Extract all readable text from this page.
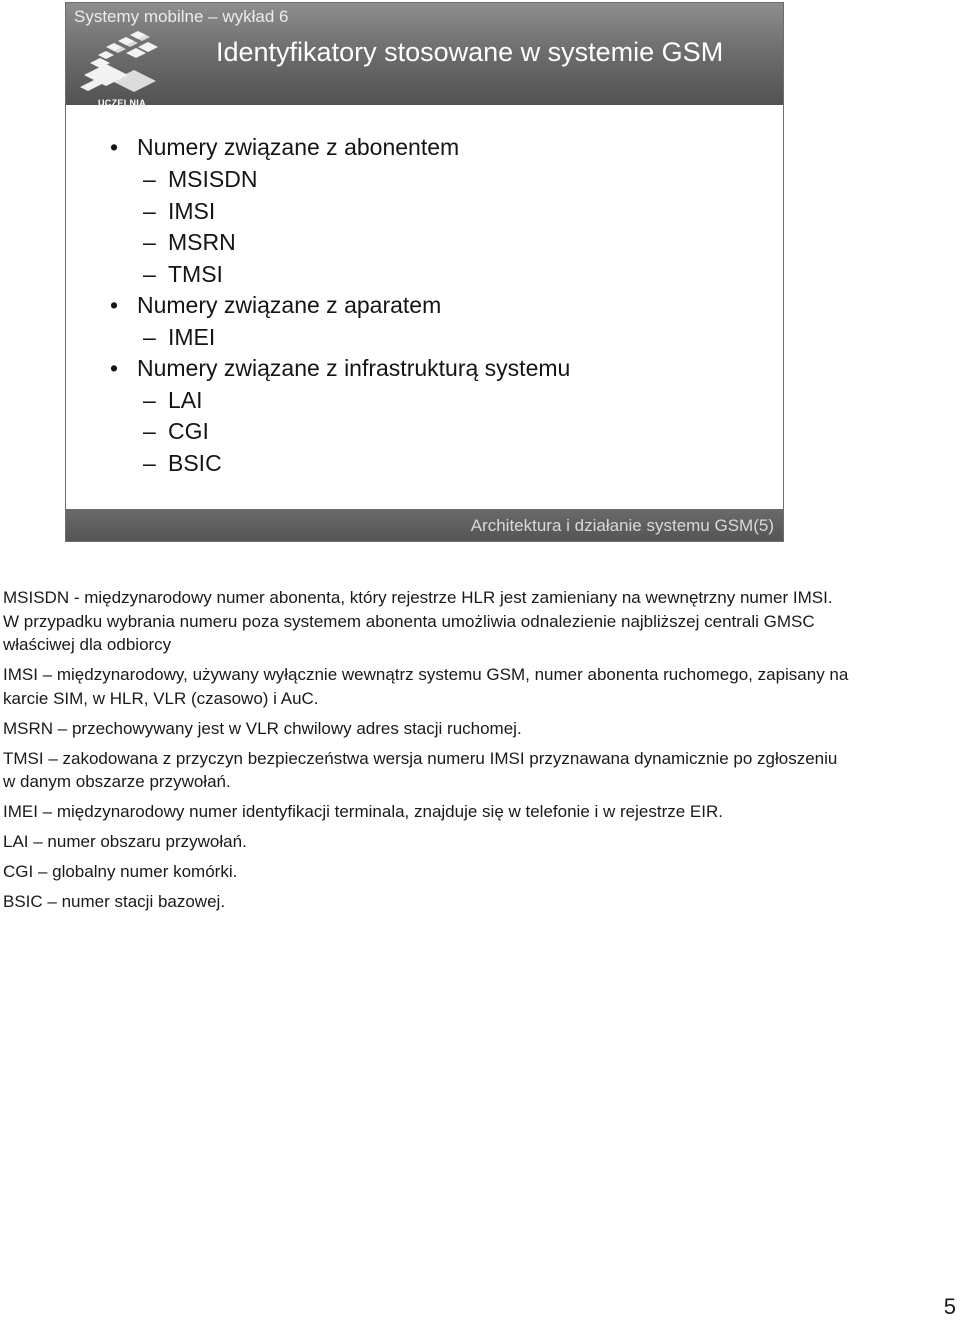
Systemy mobilne – wykład 6
Identyfikatory stosowane w systemie GSM
UCZELNIA
ONLINE
• Numery związane z abonentem
– MSISDN
– IMSI
– MSRN
– TMSI
• Numery związane z aparatem
– IMEI
• Numery związane z infrastrukturą systemu
– LAI
– CGI
– BSIC
Architektura i działanie systemu GSM(5)

MSISDN - międzynarodowy numer abonenta, który rejestrze HLR jest zamieniany na wewnętrzny numer IMSI. W przypadku wybrania numeru poza systemem abonenta umożliwia odnalezienie najbliższej centrali GMSC właściwej dla odbiorcy

IMSI – międzynarodowy, używany wyłącznie wewnątrz systemu GSM, numer abonenta ruchomego, zapisany na karcie SIM, w HLR, VLR (czasowo) i AuC.

MSRN – przechowywany jest w VLR chwilowy adres stacji ruchomej.

TMSI – zakodowana z przyczyn bezpieczeństwa wersja numeru IMSI przyznawana dynamicznie po zgłoszeniu w danym obszarze przywołań.

IMEI – międzynarodowy numer identyfikacji terminala, znajduje się w telefonie i w rejestrze EIR.

LAI – numer obszaru przywołań.

CGI – globalny numer komórki.

BSIC – numer stacji bazowej.

5
